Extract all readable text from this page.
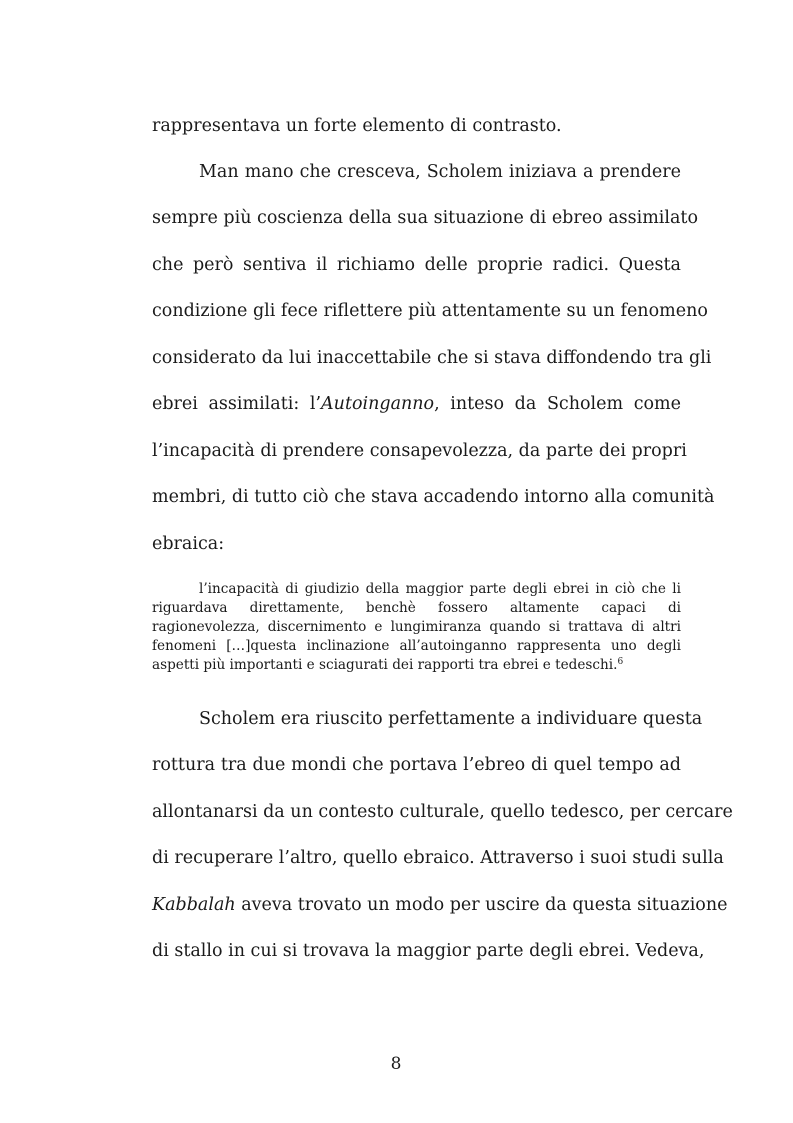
rappresentava un forte elemento di contrasto.
Man mano che cresceva, Scholem iniziava a prendere
sempre più coscienza della sua situazione di ebreo assimilato
che però sentiva il richiamo delle proprie radici. Questa
condizione gli fece riflettere più attentamente su un fenomeno
considerato da lui inaccettabile che si stava diffondendo tra gli
ebrei assimilati: l’Autoinganno, inteso da Scholem come
l’incapacità di prendere consapevolezza, da parte dei propri
membri, di tutto ciò che stava accadendo intorno alla comunità
ebraica:
l’incapacità di giudizio della maggior parte degli ebrei in ciò che li
riguardava direttamente, benchè fossero altamente capaci di
ragionevolezza, discernimento e lungimiranza quando si trattava di altri
fenomeni […]questa inclinazione all’autoinganno rappresenta uno degli
aspetti più importanti e sciagurati dei rapporti tra ebrei e tedeschi.$^6$
Scholem era riuscito perfettamente a individuare questa
rottura tra due mondi che portava l’ebreo di quel tempo ad
allontanarsi da un contesto culturale, quello tedesco, per cercare
di recuperare l’altro, quello ebraico. Attraverso i suoi studi sulla
Kabbalah aveva trovato un modo per uscire da questa situazione
di stallo in cui si trovava la maggior parte degli ebrei. Vedeva,
8
